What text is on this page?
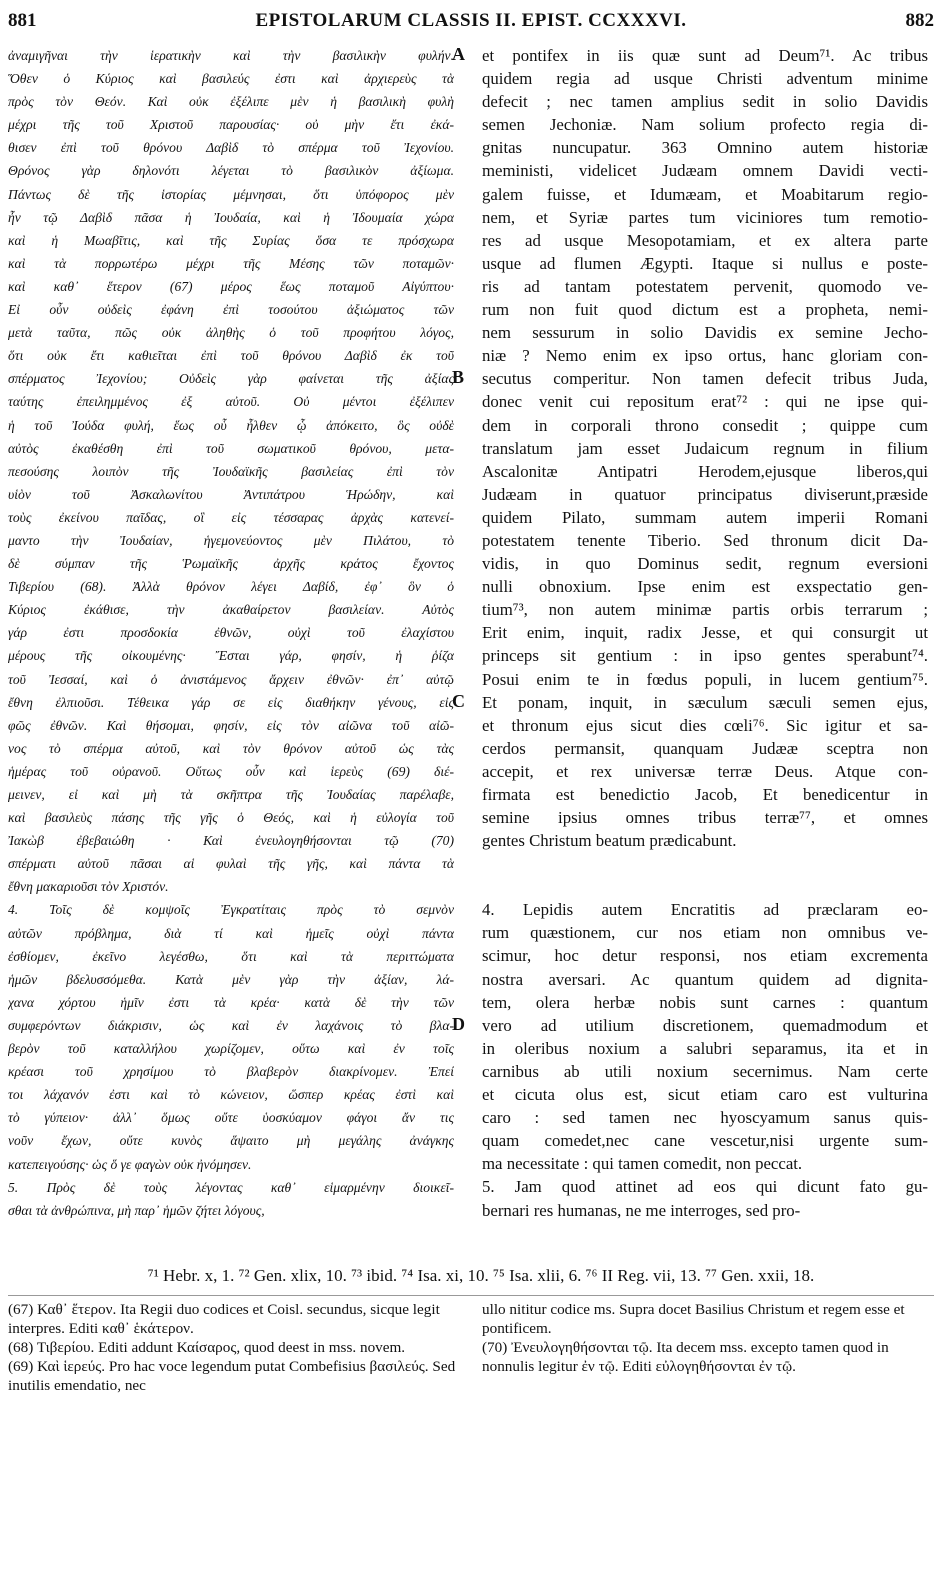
881	EPISTOLARUM CLASSIS II. EPIST. CCXXXVI.	882
ἀναμιγῆναι τὴν ἱερατικὴν καὶ τὴν βασιλικὴν φυλήν.
Ὅθεν ὁ Κύριος καὶ βασιλεύς ἐστι καὶ ἀρχιερεὺς τὰ
πρὸς τὸν Θεόν. Καὶ οὐκ ἐξέλιπε μὲν ἡ βασιλικὴ φυλὴ
μέχρι τῆς τοῦ Χριστοῦ παρουσίας· οὐ μὴν ἔτι ἐκά-
θισεν ἐπὶ τοῦ θρόνου Δαβὶδ τὸ σπέρμα τοῦ Ἰεχονίου.
Θρόνος γὰρ δηλονότι λέγεται τὸ βασιλικὸν ἀξίωμα.
Πάντως δὲ τῆς ἱστορίας μέμνησαι, ὅτι ὑπόφορος μὲν
ἦν τῷ Δαβὶδ πᾶσα ἡ Ἰουδαία, καὶ ἡ Ἰδουμαία χώρα
καὶ ἡ Μωαβῖτις, καὶ τῆς Συρίας ὅσα τε πρόσχωρα
καὶ τὰ πορρωτέρω μέχρι τῆς Μέσης τῶν ποταμῶν·
καὶ καθ᾽ ἕτερον (67) μέρος ἕως ποταμοῦ Αἰγύπτου·
Εἰ οὖν οὐδεὶς ἐφάνη ἐπὶ τοσούτου ἀξιώματος τῶν
μετὰ ταῦτα, πῶς οὐκ ἀληθὴς ὁ τοῦ προφήτου λόγος,
ὅτι οὐκ ἔτι καθιεῖται ἐπὶ τοῦ θρόνου Δαβὶδ ἐκ τοῦ
σπέρματος Ἰεχονίου; Οὐδεὶς γὰρ φαίνεται τῆς ἀξίας
ταύτης ἐπειλημμένος ἐξ αὐτοῦ. Οὐ μέντοι ἐξέλιπεν
ἡ τοῦ Ἰούδα φυλή, ἕως οὗ ἦλθεν ᾧ ἀπόκειτο, ὃς οὐδὲ
αὐτὸς ἐκαθέσθη ἐπὶ τοῦ σωματικοῦ θρόνου, μετα-
πεσούσης λοιπὸν τῆς Ἰουδαϊκῆς βασιλείας ἐπὶ τὸν
υἱὸν τοῦ Ἀσκαλωνίτου Ἀντιπάτρου Ἡρώδην, καὶ
τοὺς ἐκείνου παῖδας, οἳ εἰς τέσσαρας ἀρχὰς κατενεί-
μαντο τὴν Ἰουδαίαν, ἡγεμονεύοντος μὲν Πιλάτου, τὸ
δὲ σύμπαν τῆς Ῥωμαϊκῆς ἀρχῆς κράτος ἔχοντος
Τιβερίου (68). Ἀλλὰ θρόνον λέγει Δαβίδ, ἐφ᾽ ὃν ὁ
Κύριος ἐκάθισε, τὴν ἀκαθαίρετον βασιλείαν. Αὐτὸς
γάρ ἐστι προσδοκία ἐθνῶν, οὐχὶ τοῦ ἐλαχίστου
μέρους τῆς οἰκουμένης· Ἔσται γάρ, φησίν, ἡ ῥίζα
τοῦ Ἰεσσαί, καὶ ὁ ἀνιστάμενος ἄρχειν ἐθνῶν· ἐπ᾽ αὐτῷ
ἔθνη ἐλπιοῦσι. Τέθεικα γάρ σε εἰς διαθήκην γένους, εἰς
φῶς ἐθνῶν. Καὶ θήσομαι, φησίν, εἰς τὸν αἰῶνα τοῦ αἰῶ-
νος τὸ σπέρμα αὐτοῦ, καὶ τὸν θρόνον αὐτοῦ ὡς τὰς
ἡμέρας τοῦ οὐρανοῦ. Οὕτως οὖν καὶ ἱερεὺς (69) διέ-
μεινεν, εἰ καὶ μὴ τὰ σκῆπτρα τῆς Ἰουδαίας παρέλαβε,
καὶ βασιλεὺς πάσης τῆς γῆς ὁ Θεός, καὶ ἡ εὐλογία τοῦ
Ἰακὼβ ἐβεβαιώθη · Καὶ ἐνευλογηθήσονται τῷ (70)
σπέρματι αὐτοῦ πᾶσαι αἱ φυλαὶ τῆς γῆς, καὶ πάντα τὰ
ἔθνη μακαριοῦσι τὸν Χριστόν.
4. Τοῖς δὲ κομψοῖς Ἐγκρατίταις πρὸς τὸ σεμνὸν
αὐτῶν πρόβλημα, διὰ τί καὶ ἡμεῖς οὐχὶ πάντα
ἐσθίομεν, ἐκεῖνο λεγέσθω, ὅτι καὶ τὰ περιττώματα
ἡμῶν βδελυσσόμεθα. Κατὰ μὲν γὰρ τὴν ἀξίαν, λά-
χανα χόρτου ἡμῖν ἐστι τὰ κρέα· κατὰ δὲ τὴν τῶν
συμφερόντων διάκρισιν, ὡς καὶ ἐν λαχάνοις τὸ βλα-
βερὸν τοῦ καταλλήλου χωρίζομεν, οὕτω καὶ ἐν τοῖς
κρέασι τοῦ χρησίμου τὸ βλαβερὸν διακρίνομεν. Ἐπεί
τοι λάχανόν ἐστι καὶ τὸ κώνειον, ὥσπερ κρέας ἐστὶ καὶ
τὸ γύπειον· ἀλλ᾽ ὅμως οὔτε ὑοσκύαμον φάγοι ἄν τις
νοῦν ἔχων, οὔτε κυνὸς ἅψαιτο μὴ μεγάλης ἀνάγκης
κατεπειγούσης· ὡς ὅ γε φαγὼν οὐκ ἠνόμησεν.
5. Πρὸς δὲ τοὺς λέγοντας καθ᾽ εἱμαρμένην διοικεῖ-
σθαι τὰ ἀνθρώπινα, μὴ παρ᾽ ἡμῶν ζήτει λόγους,
A
B
C
D
et pontifex in iis quæ sunt ad Deum⁷¹. Ac tribus
quidem regia ad usque Christi adventum minime
defecit ; nec tamen amplius sedit in solio Davidis
semen Jechoniæ. Nam solium profecto regia di-
gnitas nuncupatur. 363 Omnino autem historiæ
meministi, videlicet Judæam omnem Davidi vecti-
galem fuisse, et Idumæam, et Moabitarum regio-
nem, et Syriæ partes tum viciniores tum remotio-
res ad usque Mesopotamiam, et ex altera parte
usque ad flumen Ægypti. Itaque si nullus e poste-
ris ad tantam potestatem pervenit, quomodo ve-
rum non fuit quod dictum est a propheta, nemi-
nem sessurum in solio Davidis ex semine Jecho-
niæ ? Nemo enim ex ipso ortus, hanc gloriam con-
secutus comperitur. Non tamen defecit tribus Juda,
donec venit cui repositum erat⁷² : qui ne ipse qui-
dem in corporali throno consedit ; quippe cum
translatum jam esset Judaicum regnum in filium
Ascalonitæ Antipatri Herodem,ejusque liberos,qui
Judæam in quatuor principatus diviserunt,præside
quidem Pilato, summam autem imperii Romani
potestatem tenente Tiberio. Sed thronum dicit Da-
vidis, in quo Dominus sedit, regnum eversioni
nulli obnoxium. Ipse enim est exspectatio gen-
tium⁷³, non autem minimæ partis orbis terrarum ;
Erit enim, inquit, radix Jesse, et qui consurgit ut
princeps sit gentium : in ipso gentes sperabunt⁷⁴.
Posui enim te in fœdus populi, in lucem gentium⁷⁵.
Et ponam, inquit, in sæculum sæculi semen ejus,
et thronum ejus sicut dies cœli⁷⁶. Sic igitur et sa-
cerdos permansit, quanquam Judææ sceptra non
accepit, et rex universæ terræ Deus. Atque con-
firmata est benedictio Jacob, Et benedicentur in
semine ipsius omnes tribus terræ⁷⁷, et omnes
gentes Christum beatum prædicabunt.
4. Lepidis autem Encratitis ad præclaram eo-
rum quæstionem, cur nos etiam non omnibus ve-
scimur, hoc detur responsi, nos etiam excrementa
nostra aversari. Ac quantum quidem ad dignita-
tem, olera herbæ nobis sunt carnes : quantum
vero ad utilium discretionem, quemadmodum et
in oleribus noxium a salubri separamus, ita et in
carnibus ab utili noxium secernimus. Nam certe
et cicuta olus est, sicut etiam caro est vulturina
caro : sed tamen nec hyoscyamum sanus quis-
quam comedet,nec cane vescetur,nisi urgente sum-
ma necessitate : qui tamen comedit, non peccat.
5. Jam quod attinet ad eos qui dicunt fato gu-
bernari res humanas, ne me interroges, sed pro-
⁷¹ Hebr. x, 1. ⁷² Gen. xlix, 10. ⁷³ ibid. ⁷⁴ Isa. xi, 10. ⁷⁵ Isa. xlii, 6. ⁷⁶ II Reg. vii, 13. ⁷⁷ Gen. xxii, 18.

(67) Καθ᾽ ἕτερον. Ita Regii duo codices et Coisl. secundus, sicque legit interpres. Editi καθ᾽ ἑκάτερον.

(68) Τιβερίου. Editi addunt Καίσαρος, quod deest in mss. novem.

(69) Καὶ ἱερεύς. Pro hac voce legendum putat Combefisius βασιλεύς. Sed inutilis emendatio, nec

ullo nititur codice ms. Supra docet Basilius Christum et regem esse et pontificem.

(70) Ἐνευλογηθήσονται τῷ. Ita decem mss. excepto tamen quod in nonnulis legitur ἐν τῷ. Editi εὐλογηθήσονται ἐν τῷ.
